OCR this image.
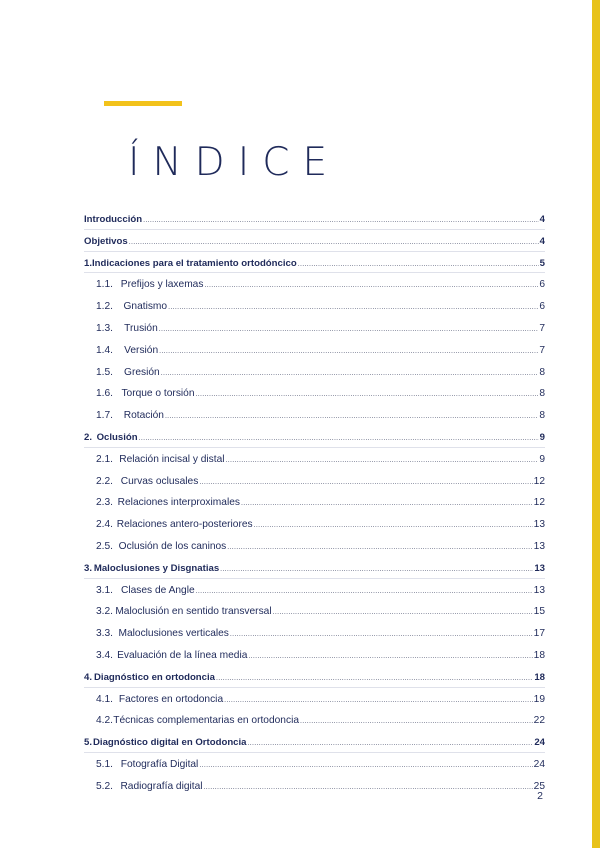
ÍNDICE
Introducción .....	4
Objetivos .....	4
1. Indicaciones para el tratamiento ortodóncico .....	5
1.1. Prefijos y laxemas .....	6
1.2.	Gnatismo .....	6
1.3.	Trusión .....	7
1.4.	Versión .....	7
1.5.	Gresión .....	8
1.6. Torque o torsión .....	8
1.7.	Rotación .....	8
2. Oclusión .....	9
2.1. Relación incisal y distal .....	9
2.2. Curvas oclusales .....	12
2.3. Relaciones interproximales .....	12
2.4. Relaciones antero-posteriores .....	13
2.5. Oclusión de los caninos .....	13
3. Maloclusiones y Disgnatias .....	13
3.1. Clases de Angle .....	13
3.2. Maloclusión en sentido transversal .....	15
3.3. Maloclusiones verticales .....	17
3.4. Evaluación de la línea media .....	18
4. Diagnóstico en ortodoncia .....	18
4.1. Factores en ortodoncia .....	19
4.2. Técnicas complementarias en ortodoncia .....	22
5. Diagnóstico digital en Ortodoncia .....	24
5.1. Fotografía Digital .....	24
5.2. Radiografía digital .....	25
2
